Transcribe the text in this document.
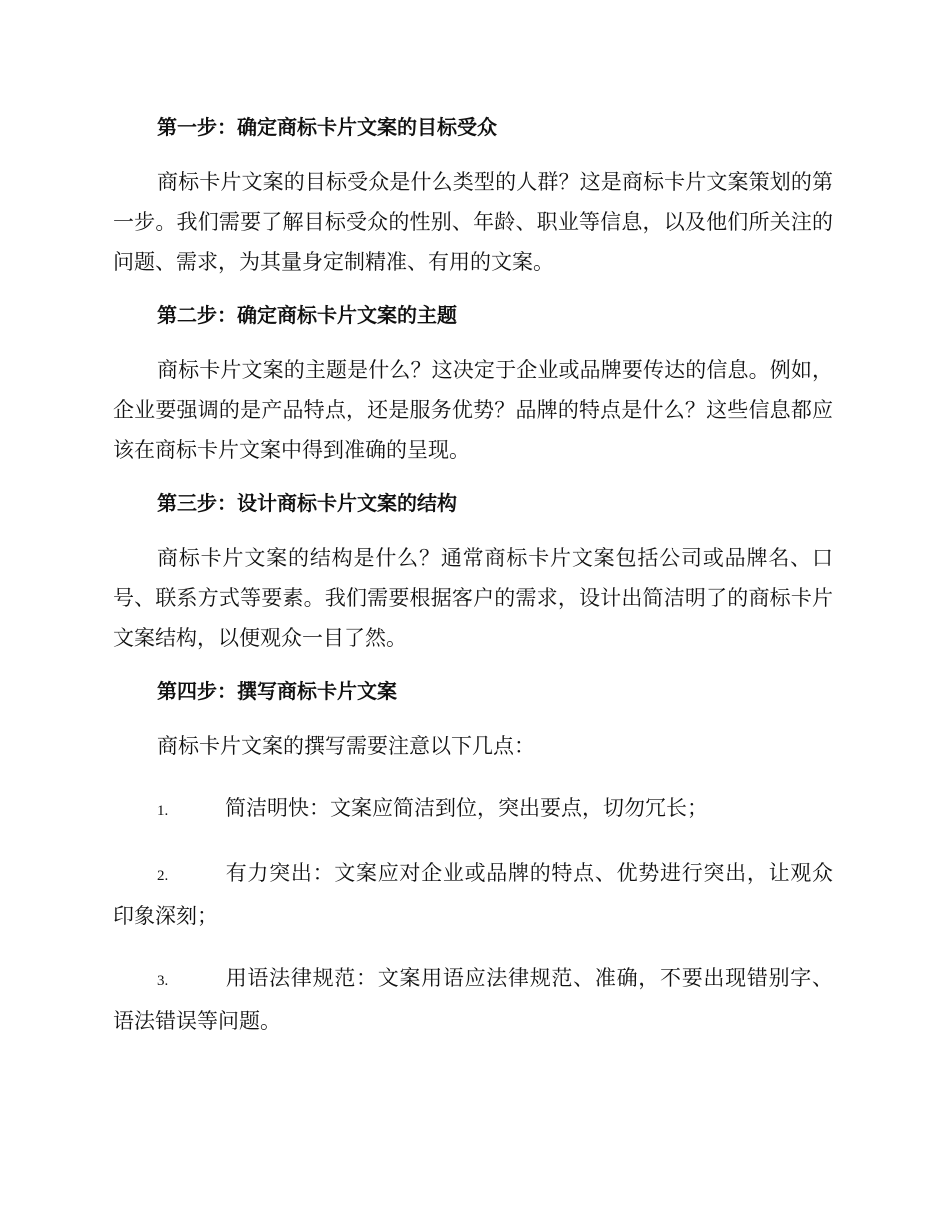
第一步：确定商标卡片文案的目标受众

商标卡片文案的目标受众是什么类型的人群？这是商标卡片文案策划的第一步。我们需要了解目标受众的性别、年龄、职业等信息，以及他们所关注的问题、需求，为其量身定制精准、有用的文案。

第二步：确定商标卡片文案的主题

商标卡片文案的主题是什么？这决定于企业或品牌要传达的信息。例如，企业要强调的是产品特点，还是服务优势？品牌的特点是什么？这些信息都应该在商标卡片文案中得到准确的呈现。

第三步：设计商标卡片文案的结构

商标卡片文案的结构是什么？通常商标卡片文案包括公司或品牌名、口号、联系方式等要素。我们需要根据客户的需求，设计出简洁明了的商标卡片文案结构，以便观众一目了然。

第四步：撰写商标卡片文案

商标卡片文案的撰写需要注意以下几点：

1.	简洁明快：文案应简洁到位，突出要点，切勿冗长；

2.	有力突出：文案应对企业或品牌的特点、优势进行突出，让观众印象深刻；

3.	用语法律规范：文案用语应法律规范、准确，不要出现错别字、语法错误等问题。
